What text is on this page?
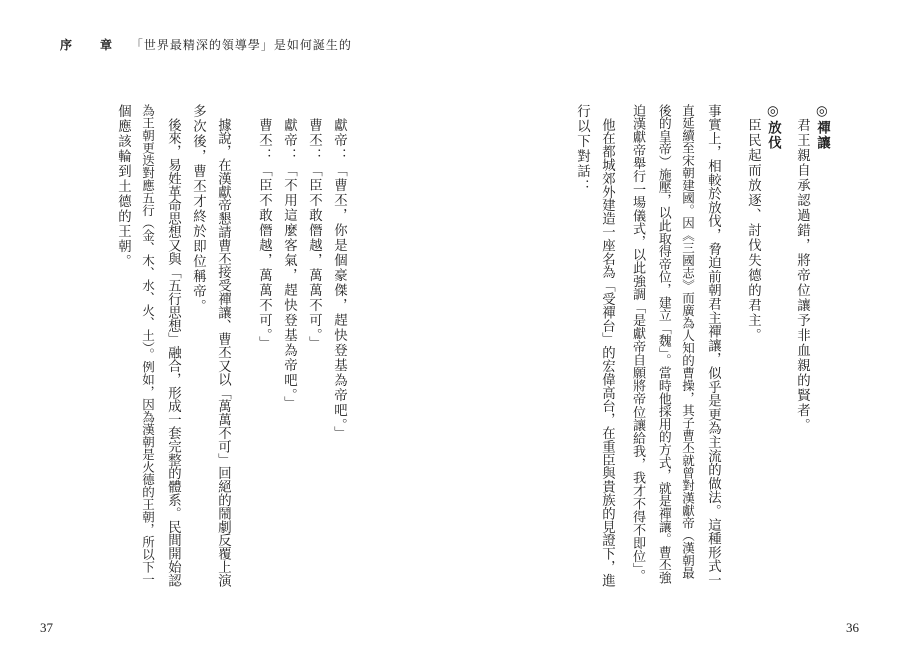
序　章 「世界最精深的領導學」是如何誕生的
◎禪讓
君王親自承認過錯，將帝位讓予非血親的賢者。
◎放伐
臣民起而放逐、討伐失德的君主。
事實上，相較於放伐，脅迫前朝君主禪讓，似乎是更為主流的做法。這種形式一
直延續至宋朝建國。因《三國志》而廣為人知的曹操，其子曹丕就曾對漢獻帝（漢朝最
後的皇帝）施壓，以此取得帝位，建立「魏」。當時他採用的方式，就是禪讓。曹丕強
迫漢獻帝舉行一場儀式，以此強調「是獻帝自願將帝位讓給我，我才不得不即位」。
他在都城郊外建造一座名為「受禪台」的宏偉高台，在重臣與貴族的見證下，進
行以下對話：
獻帝：「曹丕，你是個豪傑，趕快登基為帝吧。」
曹丕：「臣不敢僭越，萬萬不可。」
獻帝：「不用這麼客氣，趕快登基為帝吧。」
曹丕：「臣不敢僭越，萬萬不可。」
據說，在漢獻帝懇請曹丕接受禪讓、曹丕又以「萬萬不可」回絕的鬧劇反覆上演
多次後，曹丕才終於即位稱帝。
後來，易姓革命思想又與「五行思想」融合，形成一套完整的體系。民間開始認
為王朝更迭對應五行（金、木、水、火、土）。例如，因為漢朝是火德的王朝，所以下一
個應該輪到土德的王朝。
37	36
